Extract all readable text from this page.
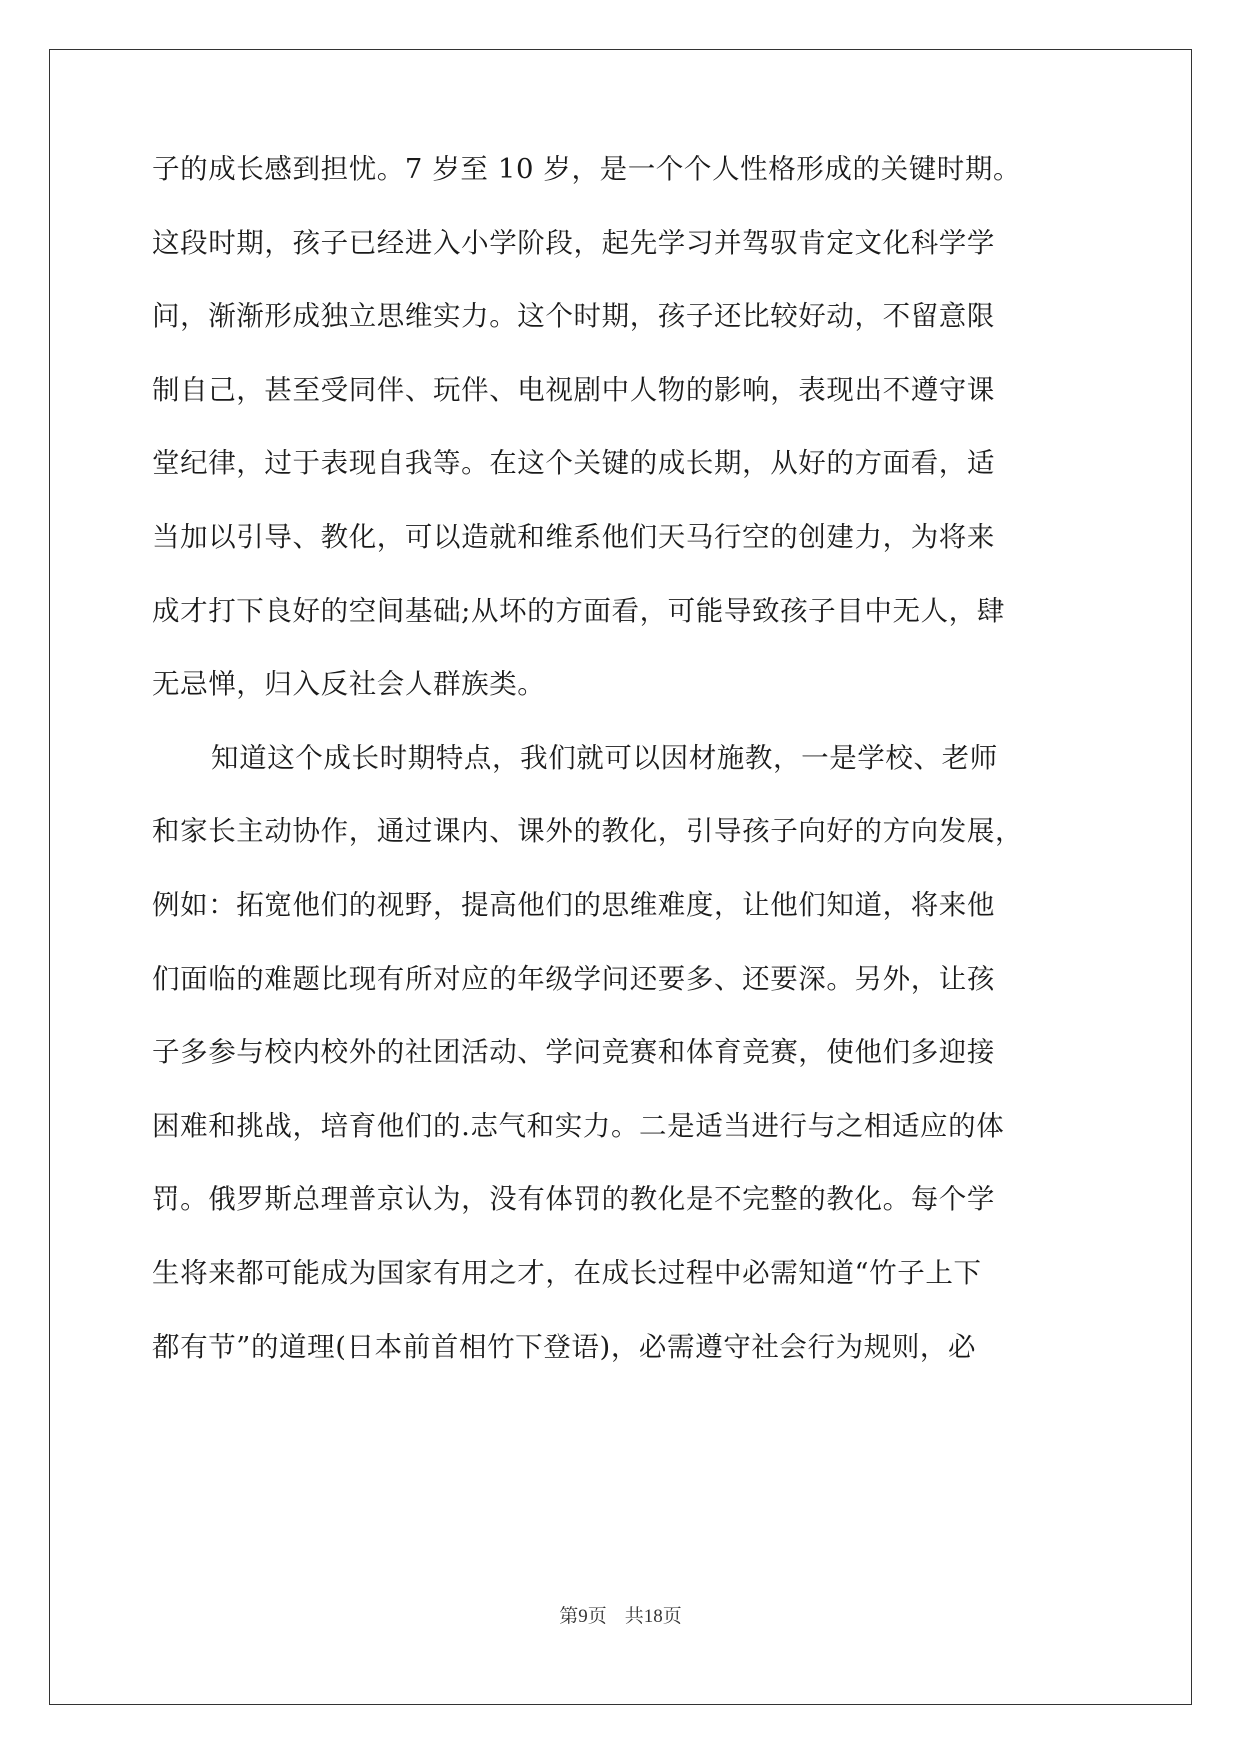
子的成长感到担忧。7 岁至 10 岁，是一个个人性格形成的关键时期。
这段时期，孩子已经进入小学阶段，起先学习并驾驭肯定文化科学学
问，渐渐形成独立思维实力。这个时期，孩子还比较好动，不留意限
制自己，甚至受同伴、玩伴、电视剧中人物的影响，表现出不遵守课
堂纪律，过于表现自我等。在这个关键的成长期，从好的方面看，适
当加以引导、教化，可以造就和维系他们天马行空的创建力，为将来
成才打下良好的空间基础;从坏的方面看，可能导致孩子目中无人，肆
无忌惮，归入反社会人群族类。
知道这个成长时期特点，我们就可以因材施教，一是学校、老师
和家长主动协作，通过课内、课外的教化，引导孩子向好的方向发展，
例如：拓宽他们的视野，提高他们的思维难度，让他们知道，将来他
们面临的难题比现有所对应的年级学问还要多、还要深。另外，让孩
子多参与校内校外的社团活动、学问竞赛和体育竞赛，使他们多迎接
困难和挑战，培育他们的.志气和实力。二是适当进行与之相适应的体
罚。俄罗斯总理普京认为，没有体罚的教化是不完整的教化。每个学
生将来都可能成为国家有用之才，在成长过程中必需知道“竹子上下
都有节”的道理(日本前首相竹下登语)，必需遵守社会行为规则，必
第9页 共18页
